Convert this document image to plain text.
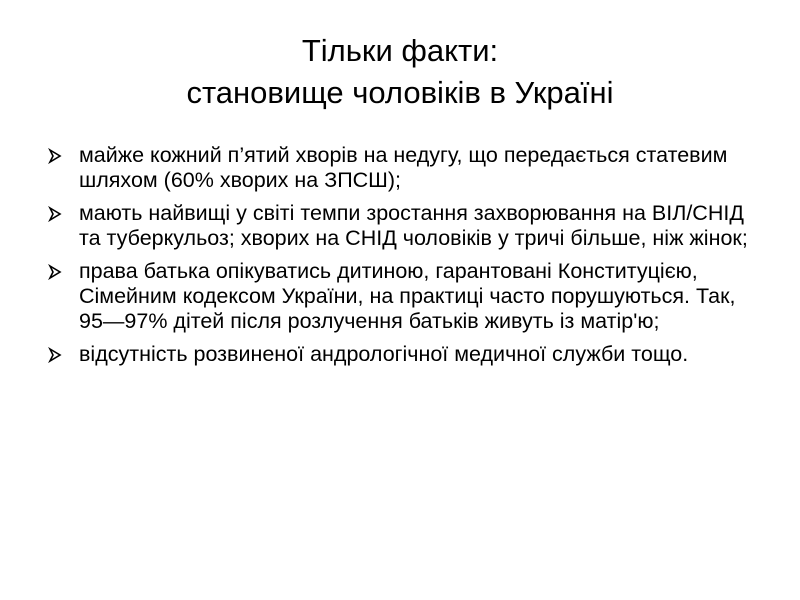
Тільки факти:
становище чоловіків в Україні
майже кожний п’ятий хворів на недугу, що передається статевим шляхом (60% хворих на ЗПСШ);
мають найвищі у світі темпи зростання захворювання на ВІЛ/СНІД та туберкульоз; хворих на СНІД чоловіків у тричі більше, ніж жінок;
права батька опікуватись дитиною, гарантовані Конституцією, Сімейним кодексом України, на практиці часто порушуються. Так, 95—97% дітей після розлучення батьків живуть із матір'ю;
відсутність розвиненої андрологічної медичної служби тощо.
